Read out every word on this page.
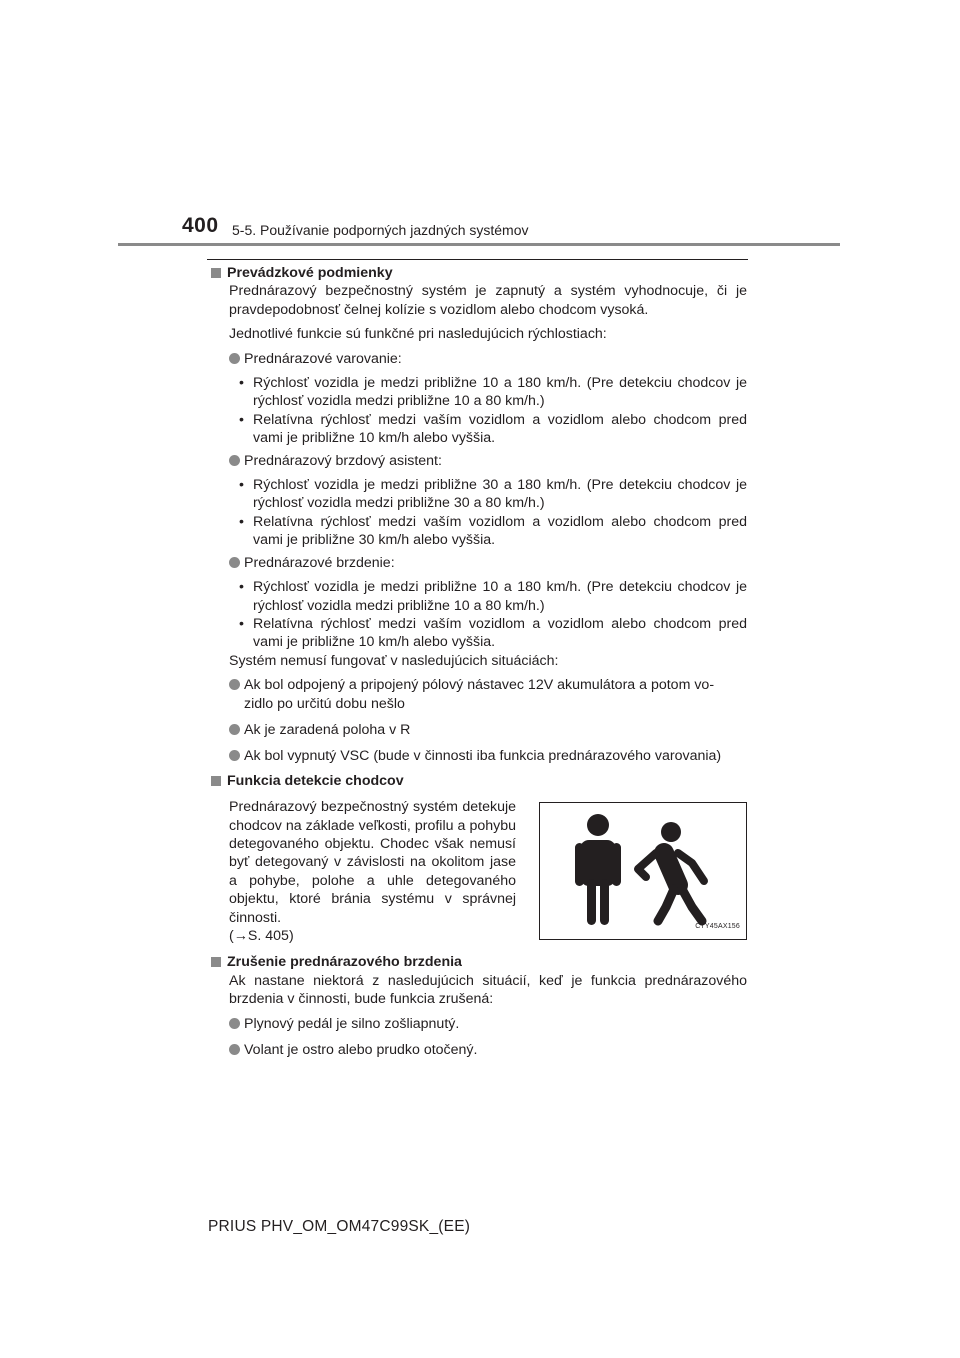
400 5-5. Používanie podporných jazdných systémov
Prevádzkové podmienky
Prednárazový bezpečnostný systém je zapnutý a systém vyhodnocuje, či je pravdepodobnosť čelnej kolízie s vozidlom alebo chodcom vysoká.
Jednotlivé funkcie sú funkčné pri nasledujúcich rýchlostiach:
Prednárazové varovanie:
• Rýchlosť vozidla je medzi približne 10 a 180 km/h. (Pre detekciu chodcov je rýchlosť vozidla medzi približne 10 a 80 km/h.)
• Relatívna rýchlosť medzi vaším vozidlom a vozidlom alebo chodcom pred vami je približne 10 km/h alebo vyššia.
Prednárazový brzdový asistent:
• Rýchlosť vozidla je medzi približne 30 a 180 km/h. (Pre detekciu chodcov je rýchlosť vozidla medzi približne 30 a 80 km/h.)
• Relatívna rýchlosť medzi vaším vozidlom a vozidlom alebo chodcom pred vami je približne 30 km/h alebo vyššia.
Prednárazové brzdenie:
• Rýchlosť vozidla je medzi približne 10 a 180 km/h. (Pre detekciu chodcov je rýchlosť vozidla medzi približne 10 a 80 km/h.)
• Relatívna rýchlosť medzi vaším vozidlom a vozidlom alebo chodcom pred vami je približne 10 km/h alebo vyššia.
Systém nemusí fungovať v nasledujúcich situáciách:
Ak bol odpojený a pripojený pólový nástavec 12V akumulátora a potom vo-
zidlo po určitú dobu nešlo
Ak je zaradená poloha v R
Ak bol vypnutý VSC (bude v činnosti iba funkcia prednárazového varovania)
Funkcia detekcie chodcov
Prednárazový bezpečnostný systém detekuje chodcov na základe veľkosti, profilu a pohybu detegovaného objektu. Chodec však nemusí byť detegovaný v závislosti na okolitom jase a pohybe, polohe a uhle detegovaného objektu, ktoré bránia systému v správnej činnosti.
(→S. 405)
CTY45AX156
Zrušenie prednárazového brzdenia
Ak nastane niektorá z nasledujúcich situácií, keď je funkcia prednárazového brzdenia v činnosti, bude funkcia zrušená:
Plynový pedál je silno zošliapnutý.
Volant je ostro alebo prudko otočený.
PRIUS PHV_OM_OM47C99SK_(EE)
